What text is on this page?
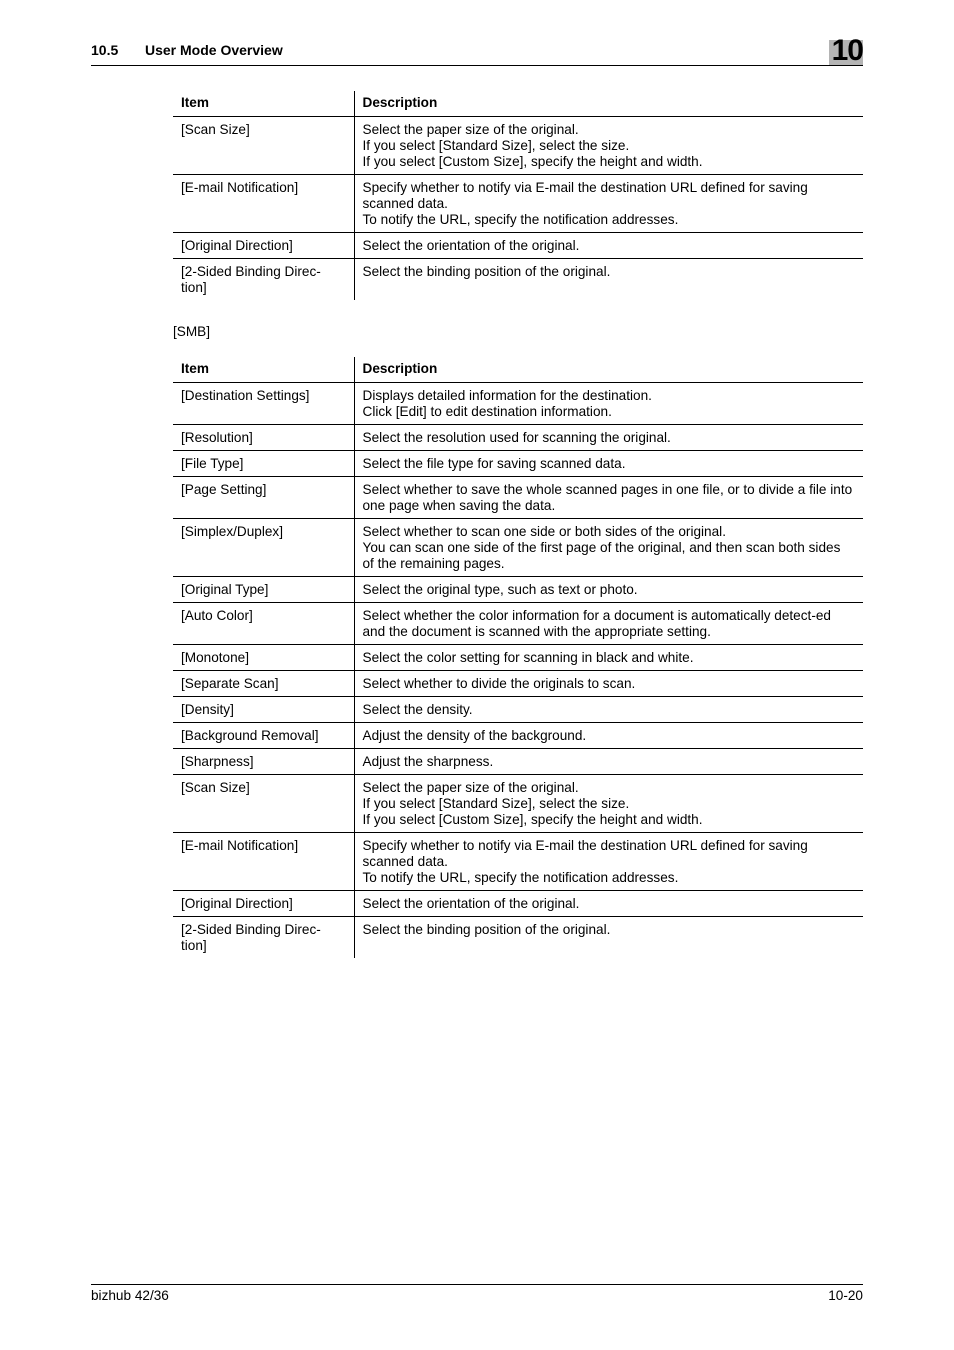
10.5 User Mode Overview	10
Item	Description
[Scan Size]	Select the paper size of the original.
If you select [Standard Size], select the size.
If you select [Custom Size], specify the height and width.

[E-mail Notification]	Specify whether to notify via E-mail the destination URL defined for saving scanned data.
To notify the URL, specify the notification addresses.

[Original Direction]	Select the orientation of the original.

[2-Sided Binding Direc-tion]	Select the binding position of the original.
[SMB]
Item	Description
[Destination Settings]	Displays detailed information for the destination.
Click [Edit] to edit destination information.

[Resolution]	Select the resolution used for scanning the original.

[File Type]	Select the file type for saving scanned data.

[Page Setting]	Select whether to save the whole scanned pages in one file, or to divide a file into one page when saving the data.

[Simplex/Duplex]	Select whether to scan one side or both sides of the original.
You can scan one side of the first page of the original, and then scan both sides of the remaining pages.

[Original Type]	Select the original type, such as text or photo.

[Auto Color]	Select whether the color information for a document is automatically detect-ed and the document is scanned with the appropriate setting.

[Monotone]	Select the color setting for scanning in black and white.

[Separate Scan]	Select whether to divide the originals to scan.

[Density]	Select the density.

[Background Removal]	Adjust the density of the background.

[Sharpness]	Adjust the sharpness.

[Scan Size]	Select the paper size of the original.
If you select [Standard Size], select the size.
If you select [Custom Size], specify the height and width.

[E-mail Notification]	Specify whether to notify via E-mail the destination URL defined for saving scanned data.
To notify the URL, specify the notification addresses.

[Original Direction]	Select the orientation of the original.

[2-Sided Binding Direc-tion]	Select the binding position of the original.
bizhub 42/36	10-20
